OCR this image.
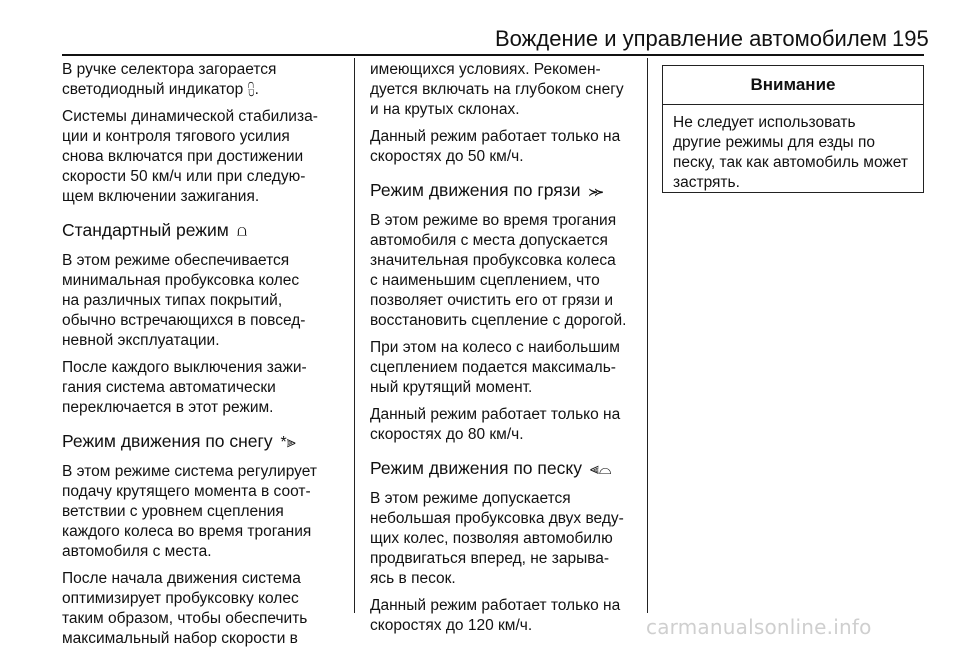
Вождение и управление автомобилем 195

В ручке селектора загорается
светодиодный индикатор ⩉.

Системы динамической стабилиза-
ции и контроля тягового усилия
снова включатся при достижении
скорости 50 км/ч или при следую-
щем включении зажигания.

Стандартный режим ⩍

В этом режиме обеспечивается
минимальная пробуксовка колес
на различных типах покрытий,
обычно встречающихся в повсед-
невной эксплуатации.

После каждого выключения зажи-
гания система автоматически
переключается в этот режим.

Режим движения по снегу *⫸

В этом режиме система регулирует
подачу крутящего момента в соот-
ветствии с уровнем сцепления
каждого колеса во время трогания
автомобиля с места.

После начала движения система
оптимизирует пробуксовку колес
таким образом, чтобы обеспечить
максимальный набор скорости в

имеющихся условиях. Рекомен-
дуется включать на глубоком снегу
и на крутых склонах.

Данный режим работает только на
скоростях до 50 км/ч.

Режим движения по грязи ⪼

В этом режиме во время трогания
автомобиля с места допускается
значительная пробуксовка колеса
с наименьшим сцеплением, что
позволяет очистить его от грязи и
восстановить сцепление с дорогой.

При этом на колесо с наибольшим
сцеплением подается максималь-
ный крутящий момент.

Данный режим работает только на
скоростях до 80 км/ч.

Режим движения по песку ⫷⌓

В этом режиме допускается
небольшая пробуксовка двух веду-
щих колес, позволяя автомобилю
продвигаться вперед, не зарыва-
ясь в песок.

Данный режим работает только на
скоростях до 120 км/ч.

Внимание
Не следует использовать
другие режимы для езды по
песку, так как автомобиль может
застрять.
carmanualsonline.info
